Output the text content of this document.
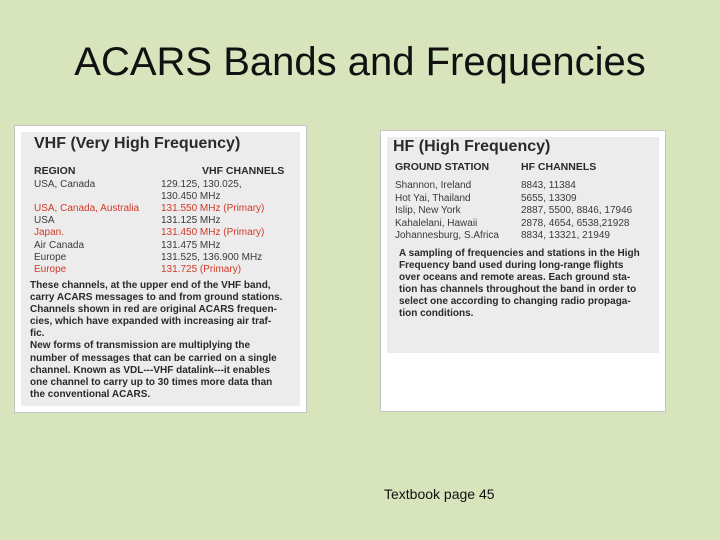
ACARS Bands and Frequencies
VHF (Very High Frequency)
REGION	VHF CHANNELS
USA, Canada	129.125, 130.025,
130.450 MHz
USA, Canada, Australia 131.550 MHz (Primary)
USA	131.125 MHz
Japan.	131.450 MHz (Primary)
Air Canada	131.475 MHz
Europe	131.525, 136.900 MHz
Europe	131.725 (Primary)
These channels, at the upper end of the VHF band,
carry ACARS messages to and from ground stations.
Channels shown in red are original ACARS frequen-
cies, which have expanded with increasing air traf-
fic.
New forms of transmission are multiplying the
number of messages that can be carried on a single
channel. Known as VDL---VHF datalink---it enables
one channel to carry up to 30 times more data than
the conventional ACARS.
HF (High Frequency)
GROUND STATION	HF CHANNELS
Shannon, Ireland	8843, 11384
Hot Yai, Thailand	5655, 13309
Islip, New York	2887, 5500, 8846, 17946
Kahalelani, Hawaii	2878, 4654, 6538,21928
Johannesburg, S.Africa 8834, 13321, 21949
A sampling of frequencies and stations in the High
Frequency band used during long-range flights
over oceans and remote areas. Each ground sta-
tion has channels throughout the band in order to
select one according to changing radio propaga-
tion conditions.
Textbook page 45
